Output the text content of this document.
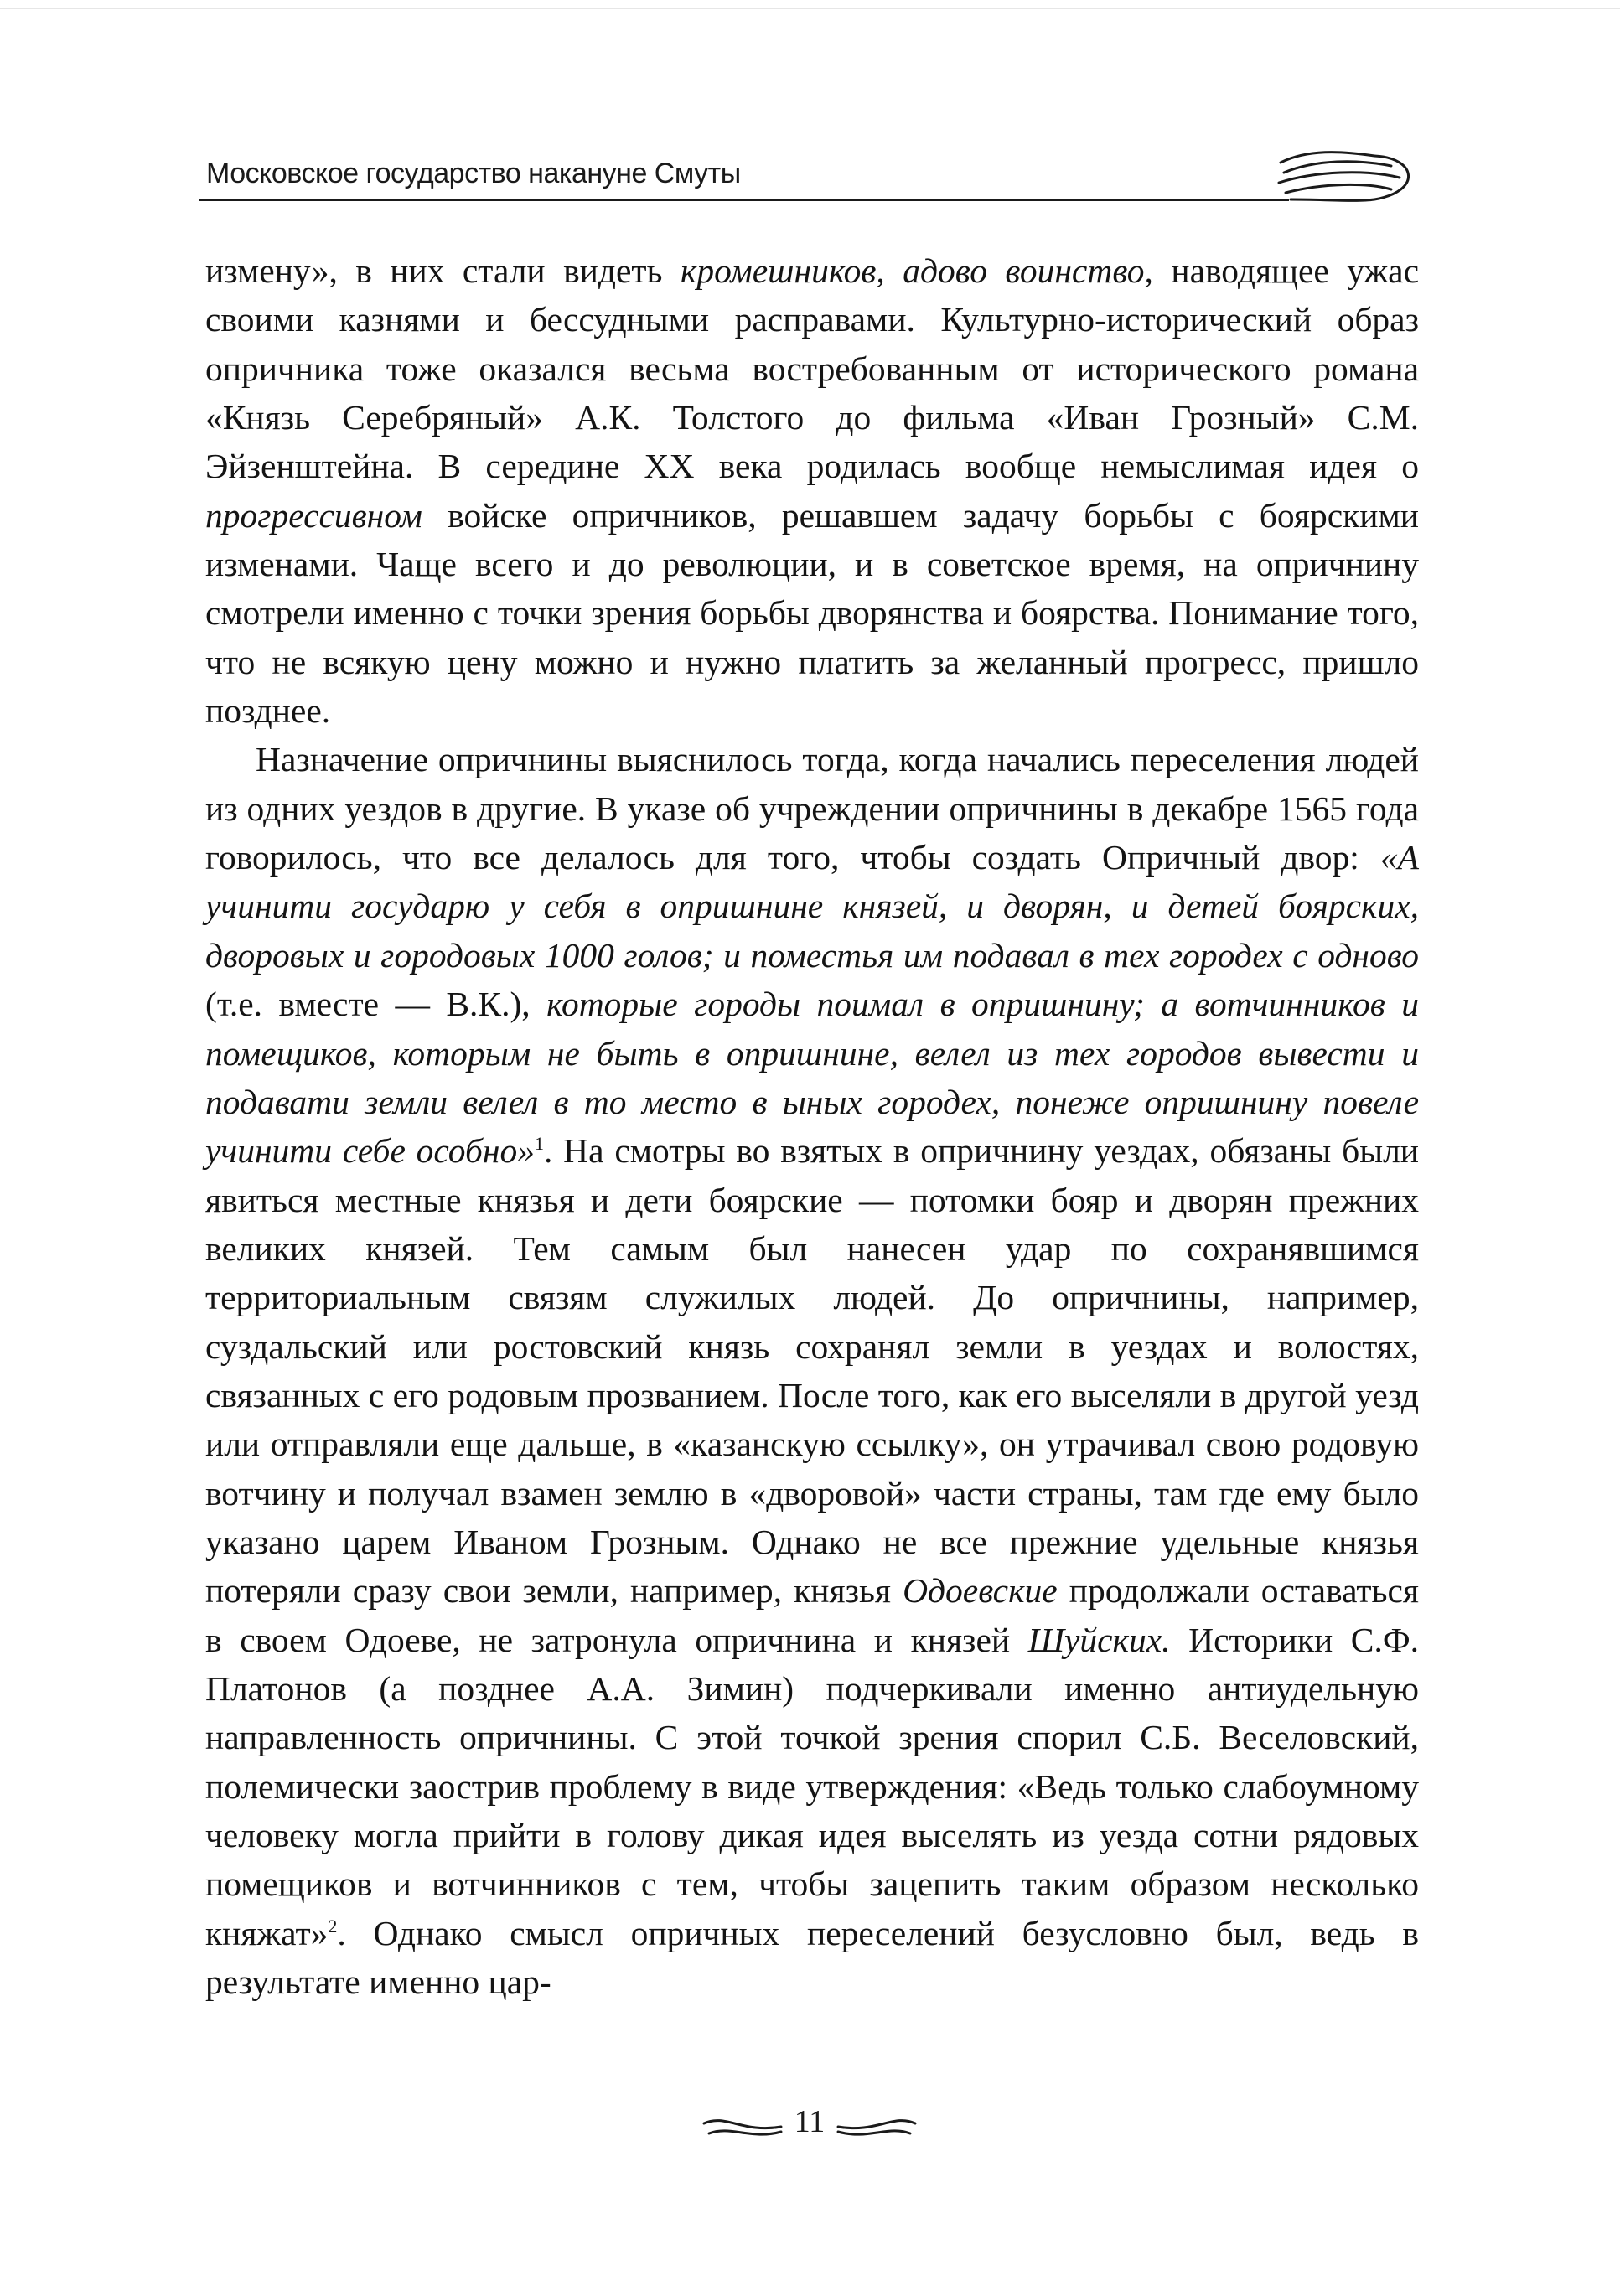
Московское государство накануне Смуты

измену», в них стали видеть кромешников, адово воинство, наводящее ужас своими казнями и бессудными расправами. Культурно-исторический образ опричника тоже оказался весьма востребованным от исторического романа «Князь Серебряный» А.К. Толстого до фильма «Иван Грозный» С.М. Эйзенштейна. В середине XX века родилась вообще немыслимая идея о прогрессивном войске опричников, решавшем задачу борьбы с боярскими изменами. Чаще всего и до революции, и в советское время, на опричнину смотрели именно с точки зрения борьбы дворянства и боярства. Понимание того, что не всякую цену можно и нужно платить за желанный прогресс, пришло позднее.

Назначение опричнины выяснилось тогда, когда начались переселения людей из одних уездов в другие. В указе об учреждении опричнины в декабре 1565 года говорилось, что все делалось для того, чтобы создать Опричный двор: «А учинити государю у себя в опришнине князей, и дворян, и детей боярских, дворовых и городовых 1000 голов; и поместья им подавал в тех городех с одново (т.е. вместе — В.К.), которые городы поимал в опришнину; а вотчинников и помещиков, которым не быть в опришнине, велел из тех городов вывести и подавати земли велел в то место в ыных городех, понеже опришнину повеле учинити себе особно»$^1$. На смотры во взятых в опричнину уездах, обязаны были явиться местные князья и дети боярские — потомки бояр и дворян прежних великих князей. Тем самым был нанесен удар по сохранявшимся территориальным связям служилых людей. До опричнины, например, суздальский или ростовский князь сохранял земли в уездах и волостях, связанных с его родовым прозванием. После того, как его выселяли в другой уезд или отправляли еще дальше, в «казанскую ссылку», он утрачивал свою родовую вотчину и получал взамен землю в «дворовой» части страны, там где ему было указано царем Иваном Грозным. Однако не все прежние удельные князья потеряли сразу свои земли, например, князья Одоевские продолжали оставаться в своем Одоеве, не затронула опричнина и князей Шуйских. Историки С.Ф. Платонов (а позднее А.А. Зимин) подчеркивали именно антиудельную направленность опричнины. С этой точкой зрения спорил С.Б. Веселовский, полемически заострив проблему в виде утверждения: «Ведь только слабоумному человеку могла прийти в голову дикая идея выселять из уезда сотни рядовых помещиков и вотчинников с тем, чтобы зацепить таким образом несколько княжат»$^2$. Однако смысл опричных переселений безусловно был, ведь в результате именно цар-

11
